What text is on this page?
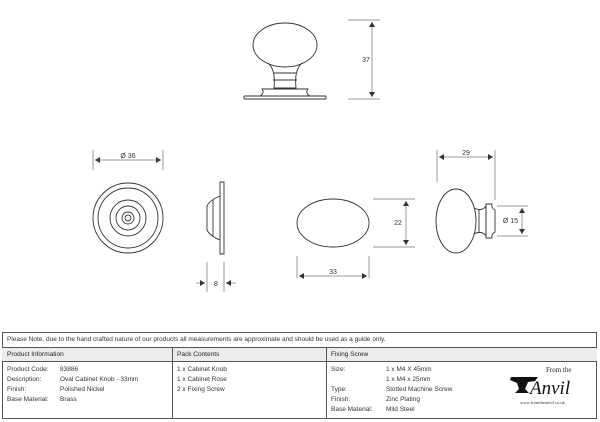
37
Ø 36
8
33
22
29
Ø 15
Please Note, due to the hand crafted nature of our products all measurements are approximate and should be used as a guide only.
Product Information	Pack Contents	Fixing Screw
Product Code: 83886
Description:	Oval Cabinet Knob - 33mm
Finish:	Polished Nickel
Base Material: Brass
1 x Cabinet Knob
1 x Cabinet Rose
2 x Fixing Screw
Size:	1 x M4 X 45mm
1 x M4 x 25mm
Type:	Slotted Machine Screw
Finish:	Zinc Plating
Base Material: Mild Steel
From the
Anvil
www.fromtheanvil.co.uk
